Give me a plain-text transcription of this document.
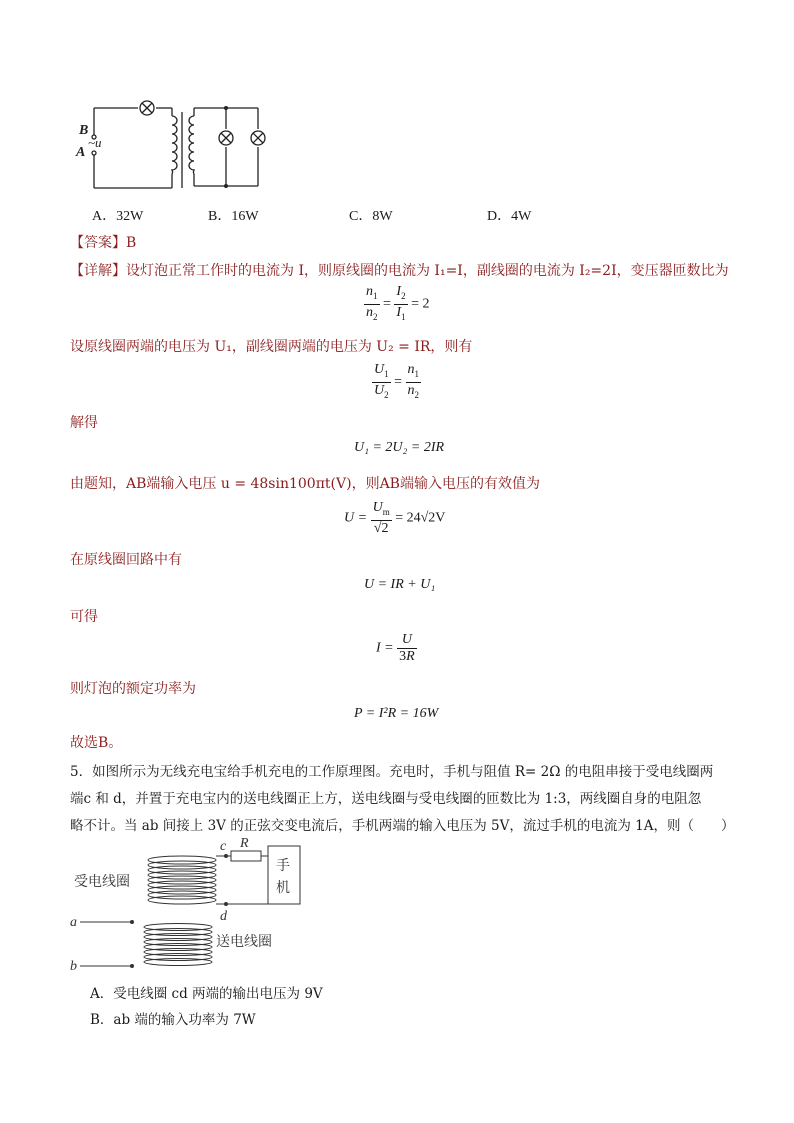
B
A
~u
A．32W	B．16W	C．8W	D．4W
【答案】B
【详解】设灯泡正常工作时的电流为 I，则原线圈的电流为 I₁=I，副线圈的电流为 I₂=2I，变压器匝数比为
$\frac{n_1}{n_2} = \frac{I_2}{I_1} = 2$
设原线圈两端的电压为 U₁，副线圈两端的电压为 U₂ = IR，则有
$\frac{U_1}{U_2} = \frac{n_1}{n_2}$
解得
U₁ = 2U₂ = 2IR
由题知，AB端输入电压 u = 48sin100πt(V)，则AB端输入电压的有效值为
$U = \frac{U_m}{√2} = 24√2V$
在原线圈回路中有
U = IR + U₁
可得
$I = \frac{U}{3R}$
则灯泡的额定功率为
P = I²R = 16W
故选B。
5．如图所示为无线充电宝给手机充电的工作原理图。充电时，手机与阻值 R= 2Ω 的电阻串接于受电线圈两
端c 和 d，并置于充电宝内的送电线圈正上方，送电线圈与受电线圈的匝数比为 1:3，两线圈自身的电阻忽
略不计。当 ab 间接上 3V 的正弦交变电流后，手机两端的输入电压为 5V，流过手机的电流为 1A，则（　　）
受电线圈
送电线圈
手
机
R
c
d
a
b
A．受电线圈 cd 两端的输出电压为 9V
B．ab 端的输入功率为 7W
